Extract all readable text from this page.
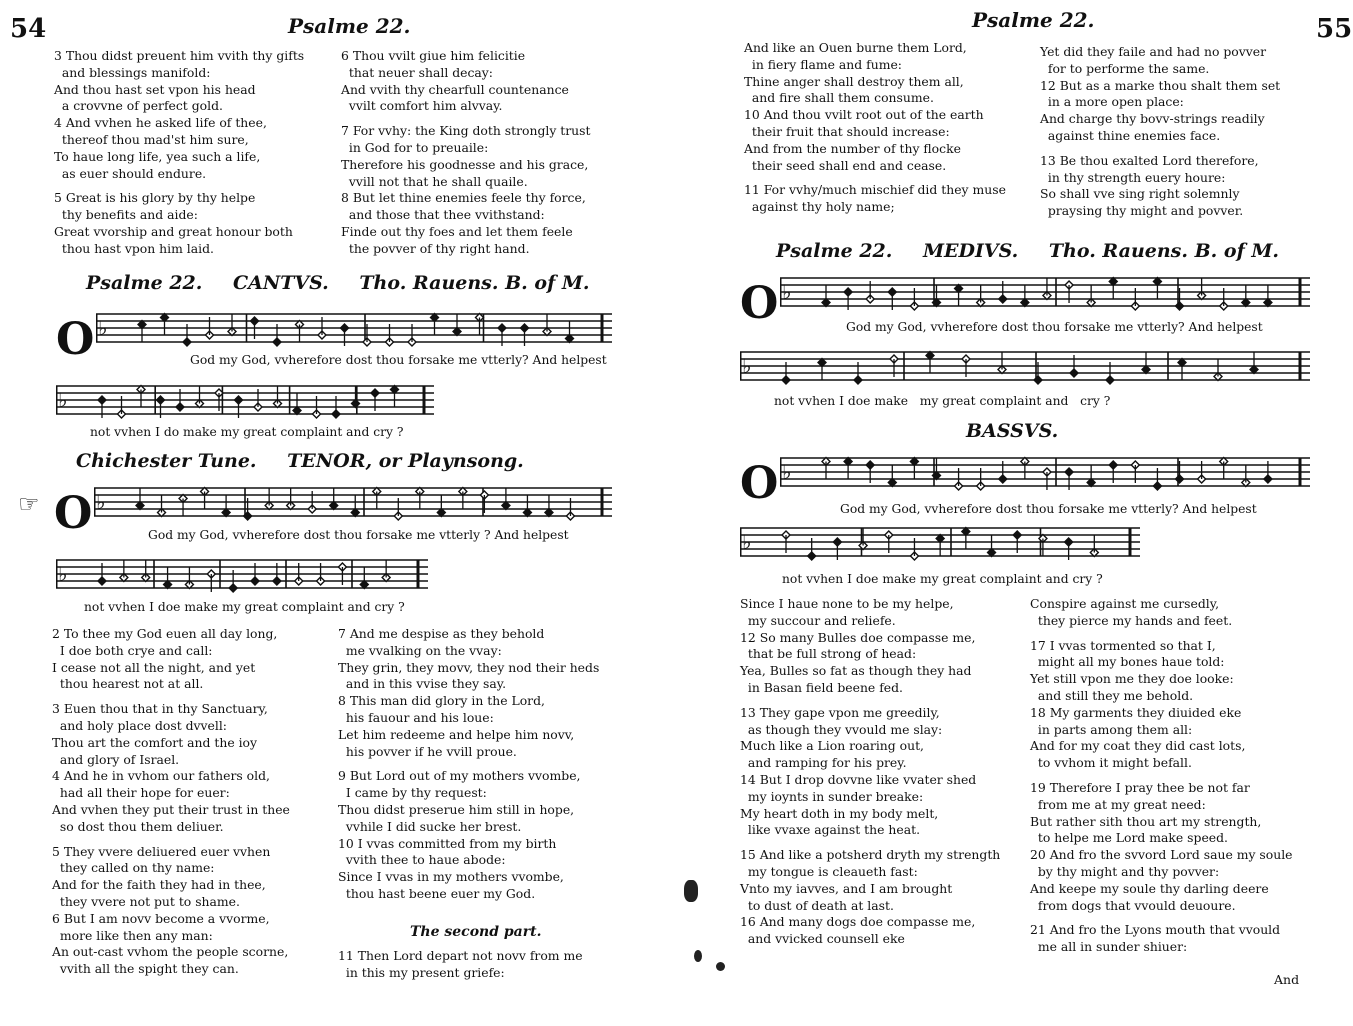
54	Psalme 22.
3 Thou didst preuent him vvith thy gifts
and blessings manifold:
And thou hast set vpon his head
a crovvne of perfect gold.
4 And vvhen he asked life of thee,
thereof thou mad'st him sure,
To haue long life, yea such a life,
as euer should endure.

5 Great is his glory by thy helpe
thy benefits and aide:
Great vvorship and great honour both
thou hast vpon him laid.
6 Thou vvilt giue him felicitie
that neuer shall decay:
And vvith thy chearfull countenance
vvilt comfort him alvvay.

7 For vvhy: the King doth strongly trust
in God for to preuaile:
Therefore his goodnesse and his grace,
vvill not that he shall quaile.
8 But let thine enemies feele thy force,
and those that thee vvithstand:
Finde out thy foes and let them feele
the povver of thy right hand.
Psalme 22. CANTVS. Tho. Rauens. B. of M.
O ♭
God my God, vvherefore dost thou forsake me vtterly? And helpest
♭
not vvhen I do make my great complaint and cry ?
Chichester Tune. TENOR, or Playnsong.
☞ O ♭
God my God, vvherefore dost thou forsake me vtterly ? And helpest
♭
not vvhen I doe make my great complaint and cry ?
2 To thee my God euen all day long,
I doe both crye and call:
I cease not all the night, and yet
thou hearest not at all.

3 Euen thou that in thy Sanctuary,
and holy place dost dvvell:
Thou art the comfort and the ioy
and glory of Israel.
4 And he in vvhom our fathers old,
had all their hope for euer:
And vvhen they put their trust in thee
so dost thou them deliuer.

5 They vvere deliuered euer vvhen
they called on thy name:
And for the faith they had in thee,
they vvere not put to shame.
6 But I am novv become a vvorme,
more like then any man:
An out-cast vvhom the people scorne,
vvith all the spight they can.
7 And me despise as they behold
me vvalking on the vvay:
They grin, they movv, they nod their heds
and in this vvise they say.
8 This man did glory in the Lord,
his fauour and his loue:
Let him redeeme and helpe him novv,
his povver if he vvill proue.

9 But Lord out of my mothers vvombe,
I came by thy request:
Thou didst preserue him still in hope,
vvhile I did sucke her brest.
10 I vvas committed from my birth
vvith thee to haue abode:
Since I vvas in my mothers vvombe,
thou hast beene euer my God.
The second part.
11 Then Lord depart not novv from me
in this my present griefe:
Psalme 22.	55
And like an Ouen burne them Lord,
in fiery flame and fume:
Thine anger shall destroy them all,
and fire shall them consume.
10 And thou vvilt root out of the earth
their fruit that should increase:
And from the number of thy flocke
their seed shall end and cease.

11 For vvhy/much mischief did they muse
against thy holy name;
Yet did they faile and had no povver
for to performe the same.
12 But as a marke thou shalt them set
in a more open place:
And charge thy bovv-strings readily
against thine enemies face.

13 Be thou exalted Lord therefore,
in thy strength euery houre:
So shall vve sing right solemnly
praysing thy might and povver.
Psalme 22. MEDIVS. Tho. Rauens. B. of M.
O ♭
God my God, vvherefore dost thou forsake me vtterly? And helpest
♭
not vvhen I doe make   my great complaint and   cry ?
BASSVS.
O ♭
God my God, vvherefore dost thou forsake me vtterly? And helpest
♭
not vvhen I doe make my great complaint and cry ?
Since I haue none to be my helpe,
my succour and reliefe.
12 So many Bulles doe compasse me,
that be full strong of head:
Yea, Bulles so fat as though they had
in Basan field beene fed.

13 They gape vpon me greedily,
as though they vvould me slay:
Much like a Lion roaring out,
and ramping for his prey.
14 But I drop dovvne like vvater shed
my ioynts in sunder breake:
My heart doth in my body melt,
like vvaxe against the heat.

15 And like a potsherd dryth my strength
my tongue is cleaueth fast:
Vnto my iavves, and I am brought
to dust of death at last.
16 And many dogs doe compasse me,
and vvicked counsell eke
Conspire against me cursedly,
they pierce my hands and feet.

17 I vvas tormented so that I,
might all my bones haue told:
Yet still vpon me they doe looke:
and still they me behold.
18 My garments they diuided eke
in parts among them all:
And for my coat they did cast lots,
to vvhom it might befall.

19 Therefore I pray thee be not far
from me at my great need:
But rather sith thou art my strength,
to helpe me Lord make speed.
20 And fro the svvord Lord saue my soule
by thy might and thy povver:
And keepe my soule thy darling deere
from dogs that vvould deuoure.

21 And fro the Lyons mouth that vvould
me all in sunder shiuer:
And
